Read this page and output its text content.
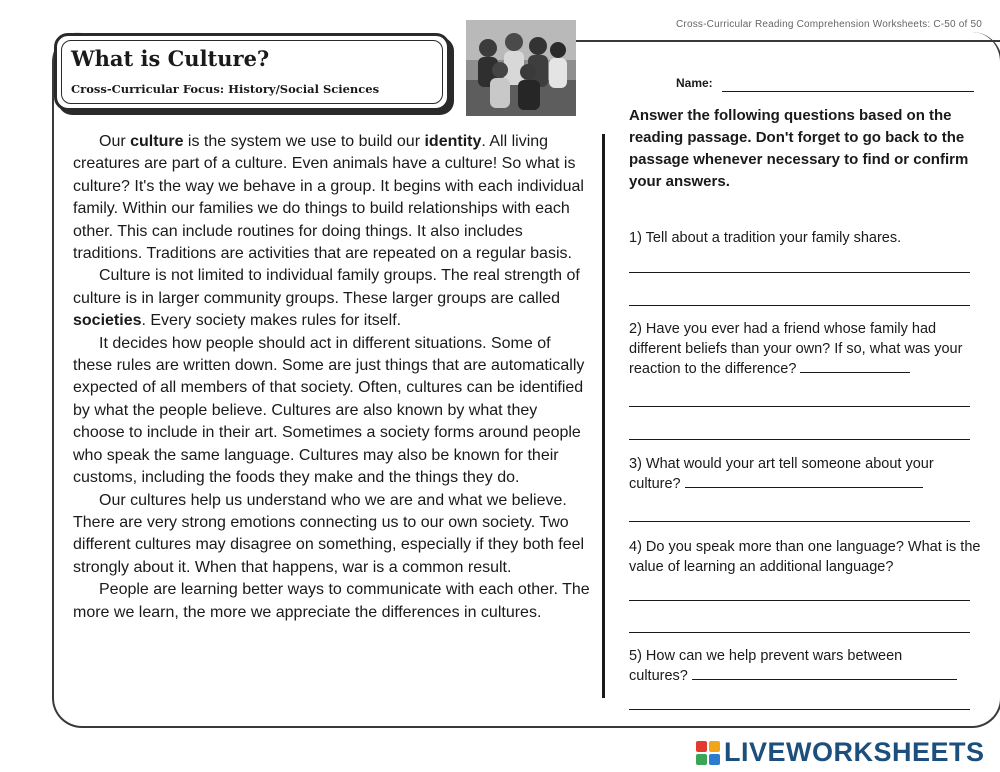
Cross-Curricular Reading Comprehension Worksheets: C-50 of 50
What is Culture?
Cross-Curricular Focus: History/Social Sciences

Our culture is the system we use to build our identity. All living creatures are part of a culture. Even animals have a culture! So what is culture? It's the way we behave in a group. It begins with each individual family. Within our families we do things to build relationships with each other. This can include routines for doing things. It also includes traditions. Traditions are activities that are repeated on a regular basis.

Culture is not limited to individual family groups. The real strength of culture is in larger community groups. These larger groups are called societies. Every society makes rules for itself.

It decides how people should act in different situations. Some of these rules are written down. Some are just things that are automatically expected of all members of that society. Often, cultures can be identified by what the people believe. Cultures are also known by what they choose to include in their art. Sometimes a society forms around people who speak the same language. Cultures may also be known for their customs, including the foods they make and the things they do.

Our cultures help us understand who we are and what we believe. There are very strong emotions connecting us to our own society. Two different cultures may disagree on something, especially if they both feel strongly about it. When that happens, war is a common result.

People are learning better ways to communicate with each other. The more we learn, the more we appreciate the differences in cultures.

Name:
Answer the following questions based on the reading passage. Don't forget to go back to the passage whenever necessary to find or confirm your answers.
1) Tell about a tradition your family shares.
2) Have you ever had a friend whose family had different beliefs than your own? If so, what was your reaction to the difference?
3) What would your art tell someone about your culture?
4) Do you speak more than one language? What is the value of learning an additional language?
5) How can we help prevent wars between cultures?
LIVEWORKSHEETS
